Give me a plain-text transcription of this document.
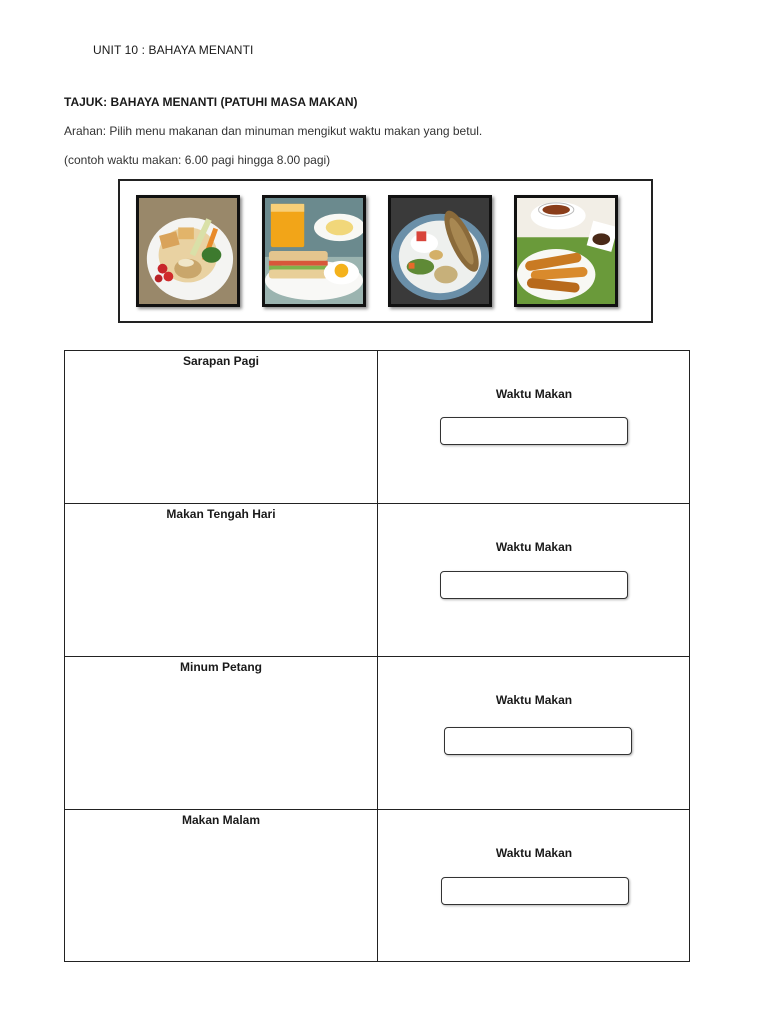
UNIT 10 : BAHAYA MENANTI
TAJUK: BAHAYA MENANTI (PATUHI MASA MAKAN)
Arahan: Pilih menu makanan dan minuman mengikut waktu makan yang betul.
(contoh waktu makan: 6.00 pagi hingga 8.00 pagi)
Sarapan Pagi
Waktu Makan
Makan Tengah Hari
Waktu Makan
Minum Petang
Waktu Makan
Makan Malam
Waktu Makan
